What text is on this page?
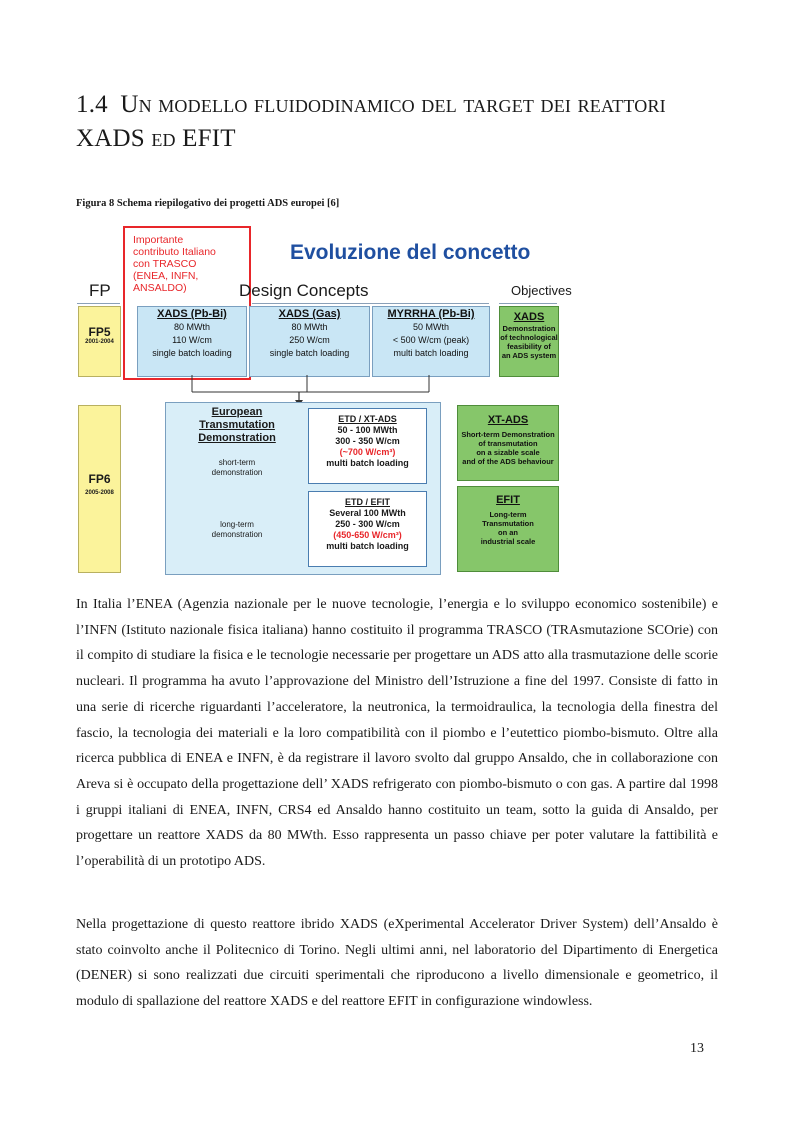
1.4 Un modello fluidodinamico del target dei reattori XADS ed EFIT
Figura 8 Schema riepilogativo dei progetti ADS europei [6]
Importante
contributo Italiano
con TRASCO
(ENEA, INFN,
ANSALDO)
Evoluzione del concetto
FP	Design Concepts	Objectives
FP5
2001-2004
XADS (Pb-Bi)
80 MWth
110 W/cm
single batch loading
XADS (Gas)
80 MWth
250 W/cm
single batch loading
MYRRHA (Pb-Bi)
50 MWth
< 500 W/cm (peak)
multi batch loading
XADS
Demonstration
of technological
feasibility of
an ADS system
FP6
2005-2008
European
Transmutation
Demonstration
short-term
demonstration
long-term
demonstration
ETD / XT-ADS
50 - 100 MWth
300 - 350 W/cm
(~700 W/cm³)
multi batch loading
ETD / EFIT
Several 100 MWth
250 - 300 W/cm
(450-650 W/cm³)
multi batch loading
XT-ADS
Short-term Demonstration
of transmutation
on a sizable scale
and of the ADS behaviour
EFIT
Long-term
Transmutation
on an
industrial scale

In Italia l’ENEA (Agenzia nazionale per le nuove tecnologie, l’energia e lo sviluppo economico sostenibile) e l’INFN (Istituto nazionale fisica italiana) hanno costituito il programma TRASCO (TRAsmutazione SCOrie) con il compito di studiare la fisica e le tecnologie necessarie per progettare un ADS atto alla trasmutazione delle scorie nucleari. Il programma ha avuto l’approvazione del Ministro dell’Istruzione a fine del 1997. Consiste di fatto in una serie di ricerche riguardanti l’acceleratore, la neutronica, la termoidraulica, la tecnologia della finestra del fascio, la tecnologia dei materiali e la loro compatibilità con il piombo e l’eutettico piombo-bismuto. Oltre alla ricerca pubblica di ENEA e INFN, è da registrare il lavoro svolto dal gruppo Ansaldo, che in collaborazione con Areva si è occupato della progettazione dell’ XADS refrigerato con piombo-bismuto o con gas. A partire dal 1998 i gruppi italiani di ENEA, INFN, CRS4 ed Ansaldo hanno costituito un team, sotto la guida di Ansaldo, per progettare un reattore XADS da 80 MWth. Esso rappresenta un passo chiave per poter valutare la fattibilità e l’operabilità di un prototipo ADS.

Nella progettazione di questo reattore ibrido XADS (eXperimental Accelerator Driver System) dell’Ansaldo è stato coinvolto anche il Politecnico di Torino. Negli ultimi anni, nel laboratorio del Dipartimento di Energetica (DENER) si sono realizzati due circuiti sperimentali che riproducono a livello dimensionale e geometrico, il modulo di spallazione del reattore XADS e del reattore EFIT in configurazione windowless.

13
